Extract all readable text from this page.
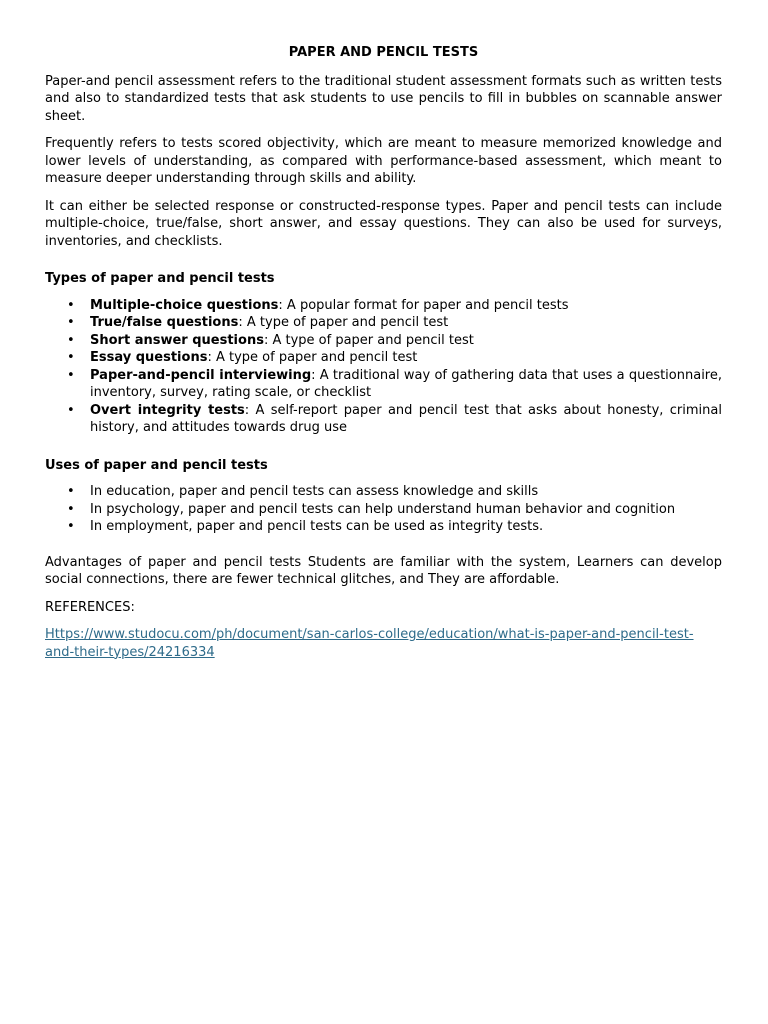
PAPER AND PENCIL TESTS

Paper-and pencil assessment refers to the traditional student assessment formats such as written tests and also to standardized tests that ask students to use pencils to fill in bubbles on scannable answer sheet.

Frequently refers to tests scored objectivity, which are meant to measure memorized knowledge and lower levels of understanding, as compared with performance-based assessment, which meant to measure deeper understanding through skills and ability.

It can either be selected response or constructed-response types. Paper and pencil tests can include multiple-choice, true/false, short answer, and essay questions. They can also be used for surveys, inventories, and checklists.

Types of paper and pencil tests
• Multiple-choice questions: A popular format for paper and pencil tests
• True/false questions: A type of paper and pencil test
• Short answer questions: A type of paper and pencil test
• Essay questions: A type of paper and pencil test
• Paper-and-pencil interviewing: A traditional way of gathering data that uses a questionnaire, inventory, survey, rating scale, or checklist
• Overt integrity tests: A self-report paper and pencil test that asks about honesty, criminal history, and attitudes towards drug use
Uses of paper and pencil tests
• In education, paper and pencil tests can assess knowledge and skills
• In psychology, paper and pencil tests can help understand human behavior and cognition
• In employment, paper and pencil tests can be used as integrity tests.

Advantages of paper and pencil tests Students are familiar with the system, Learners can develop social connections, there are fewer technical glitches, and They are affordable.

REFERENCES:

Https://www.studocu.com/ph/document/san-carlos-college/education/what-is-paper-and-pencil-test-and-their-types/24216334
